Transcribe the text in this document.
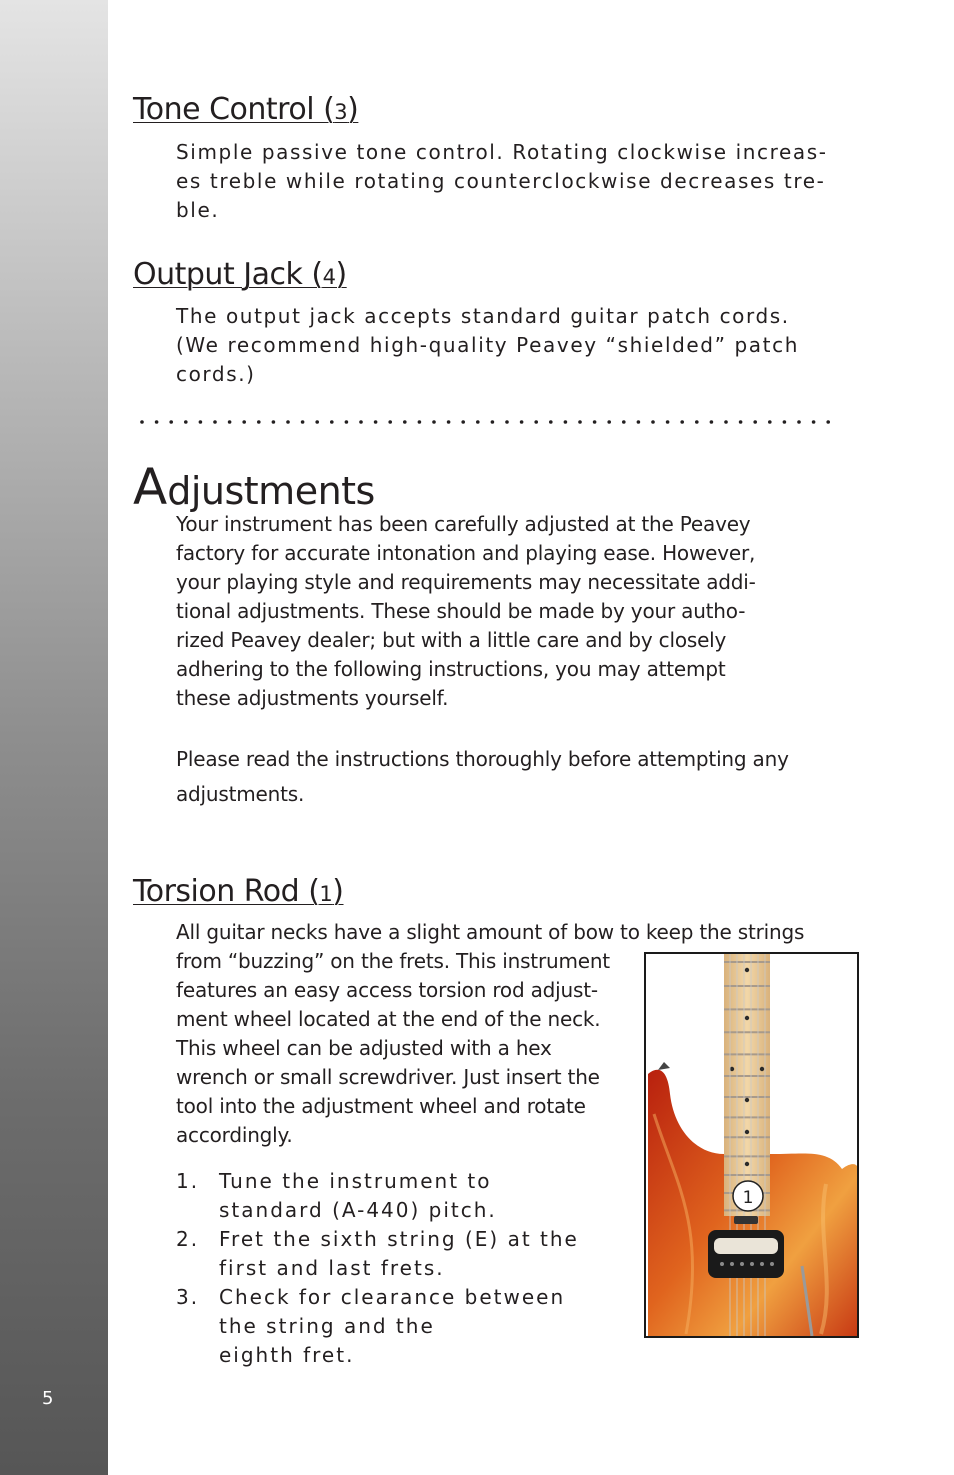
5
Tone Control (3)
Simple passive tone control. Rotating clockwise increas-
es treble while rotating counterclockwise decreases tre-
ble.
Output Jack (4)
The output jack accepts standard guitar patch cords.
(We recommend high-quality Peavey “shielded” patch
cords.)
Adjustments
Your instrument has been carefully adjusted at the Peavey
factory for accurate intonation and playing ease. However,
your playing style and requirements may necessitate addi-
tional adjustments. These should be made by your autho-
rized Peavey dealer; but with a little care and by closely
adhering to the following instructions, you may attempt
these adjustments yourself.
Please read the instructions thoroughly before attempting any
adjustments.
Torsion Rod (1)
All guitar necks have a slight amount of bow to keep the strings
from “buzzing” on the frets. This instrument
features an easy access torsion rod adjust-
ment wheel located at the end of the neck.
This wheel can be adjusted with a hex
wrench or small screwdriver. Just insert the
tool into the adjustment wheel and rotate
accordingly.
1. Tune the instrument to
standard (A-440) pitch.
2. Fret the sixth string (E) at the
first and last frets.
3. Check for clearance between
the string and the
eighth fret.
1
